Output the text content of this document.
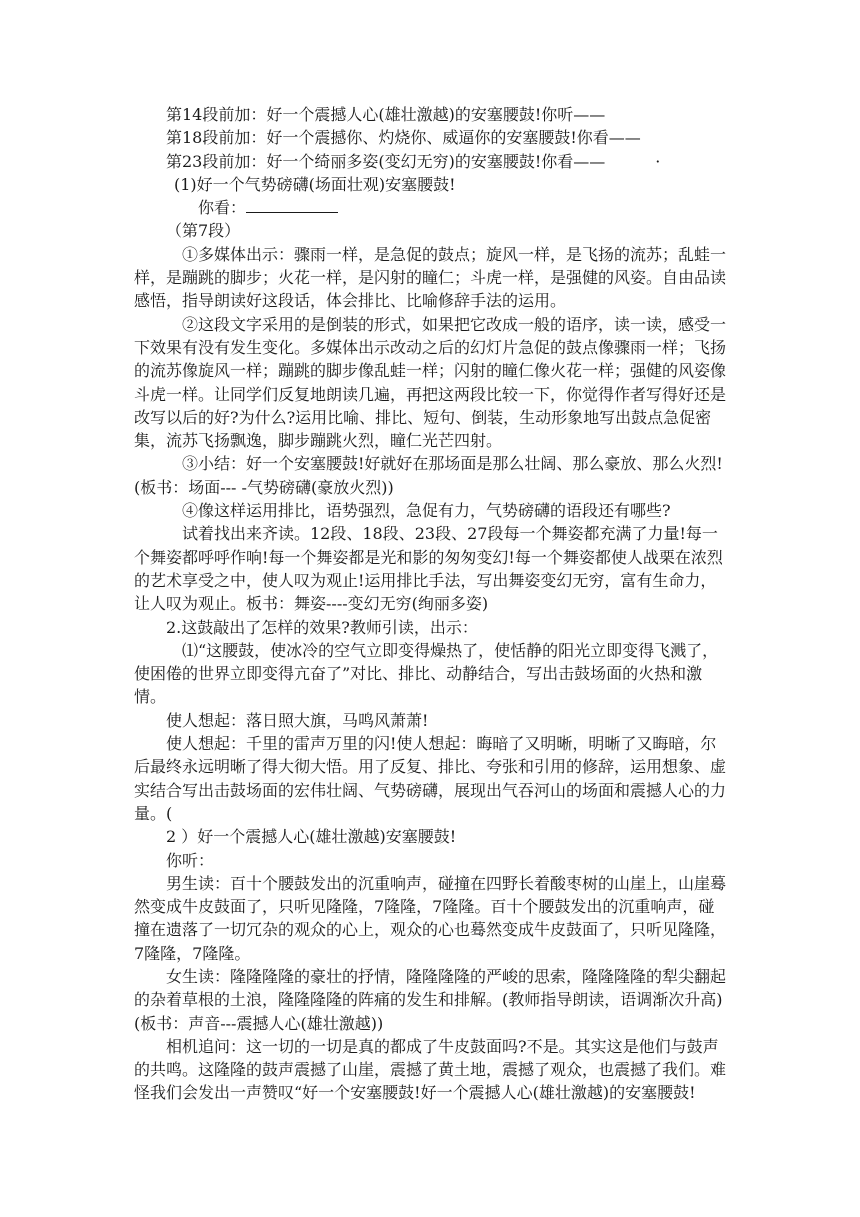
第14段前加：好一个震撼人心(雄壮激越)的安塞腰鼓!你听——

第18段前加：好一个震撼你、灼烧你、威逼你的安塞腰鼓!你看——

第23段前加：好一个绮丽多姿(变幻无穷)的安塞腰鼓!你看——	·

(1)好一个气势磅礴(场面壮观)安塞腰鼓!

你看：

（第7段）

①多媒体出示：骤雨一样，是急促的鼓点；旋风一样，是飞扬的流苏；乱蛙一样，是蹦跳的脚步；火花一样，是闪射的瞳仁；斗虎一样，是强健的风姿。自由品读感悟，指导朗读好这段话，体会排比、比喻修辞手法的运用。

②这段文字采用的是倒装的形式，如果把它改成一般的语序，读一读，感受一下效果有没有发生变化。多媒体出示改动之后的幻灯片急促的鼓点像骤雨一样；飞扬的流苏像旋风一样；蹦跳的脚步像乱蛙一样；闪射的瞳仁像火花一样；强健的风姿像斗虎一样。让同学们反复地朗读几遍，再把这两段比较一下，你觉得作者写得好还是改写以后的好?为什么?运用比喻、排比、短句、倒装，生动形象地写出鼓点急促密集，流苏飞扬飘逸，脚步蹦跳火烈，瞳仁光芒四射。

③小结：好一个安塞腰鼓!好就好在那场面是那么壮阔、那么豪放、那么火烈!(板书：场面--- -气势磅礴(豪放火烈))

④像这样运用排比，语势强烈，急促有力，气势磅礴的语段还有哪些?

试着找出来齐读。12段、18段、23段、27段每一个舞姿都充满了力量!每一个舞姿都呼呼作响!每一个舞姿都是光和影的匆匆变幻!每一个舞姿都使人战栗在浓烈的艺术享受之中，使人叹为观止!运用排比手法，写出舞姿变幻无穷，富有生命力，让人叹为观止。板书：舞姿----变幻无穷(绚丽多姿)

2.这鼓敲出了怎样的效果?教师引读，出示：

⑴“这腰鼓，使冰冷的空气立即变得燥热了，使恬静的阳光立即变得飞溅了，使困倦的世界立即变得亢奋了”对比、排比、动静结合，写出击鼓场面的火热和激情。

使人想起：落日照大旗，马鸣风萧萧!

使人想起：千里的雷声万里的闪!使人想起：晦暗了又明晰，明晰了又晦暗，尔后最终永远明晰了得大彻大悟。用了反复、排比、夸张和引用的修辞，运用想象、虚实结合写出击鼓场面的宏伟壮阔、气势磅礴，展现出气吞河山的场面和震撼人心的力量。(

2 ）好一个震撼人心(雄壮激越)安塞腰鼓!

你听：

男生读：百十个腰鼓发出的沉重响声，碰撞在四野长着酸枣树的山崖上，山崖蓦然变成牛皮鼓面了，只听见隆隆，7隆隆，7隆隆。百十个腰鼓发出的沉重响声，碰撞在遗落了一切冗杂的观众的心上，观众的心也蓦然变成牛皮鼓面了，只听见隆隆，7隆隆，7隆隆。

女生读：隆隆隆隆的豪壮的抒情，隆隆隆隆的严峻的思索，隆隆隆隆的犁尖翻起的杂着草根的土浪，隆隆隆隆的阵痛的发生和排解。(教师指导朗读，语调渐次升高)(板书：声音---震撼人心(雄壮激越))

相机追问：这一切的一切是真的都成了牛皮鼓面吗?不是。其实这是他们与鼓声的共鸣。这隆隆的鼓声震撼了山崖，震撼了黄土地，震撼了观众，也震撼了我们。难怪我们会发出一声赞叹“好一个安塞腰鼓!好一个震撼人心(雄壮激越)的安塞腰鼓!
